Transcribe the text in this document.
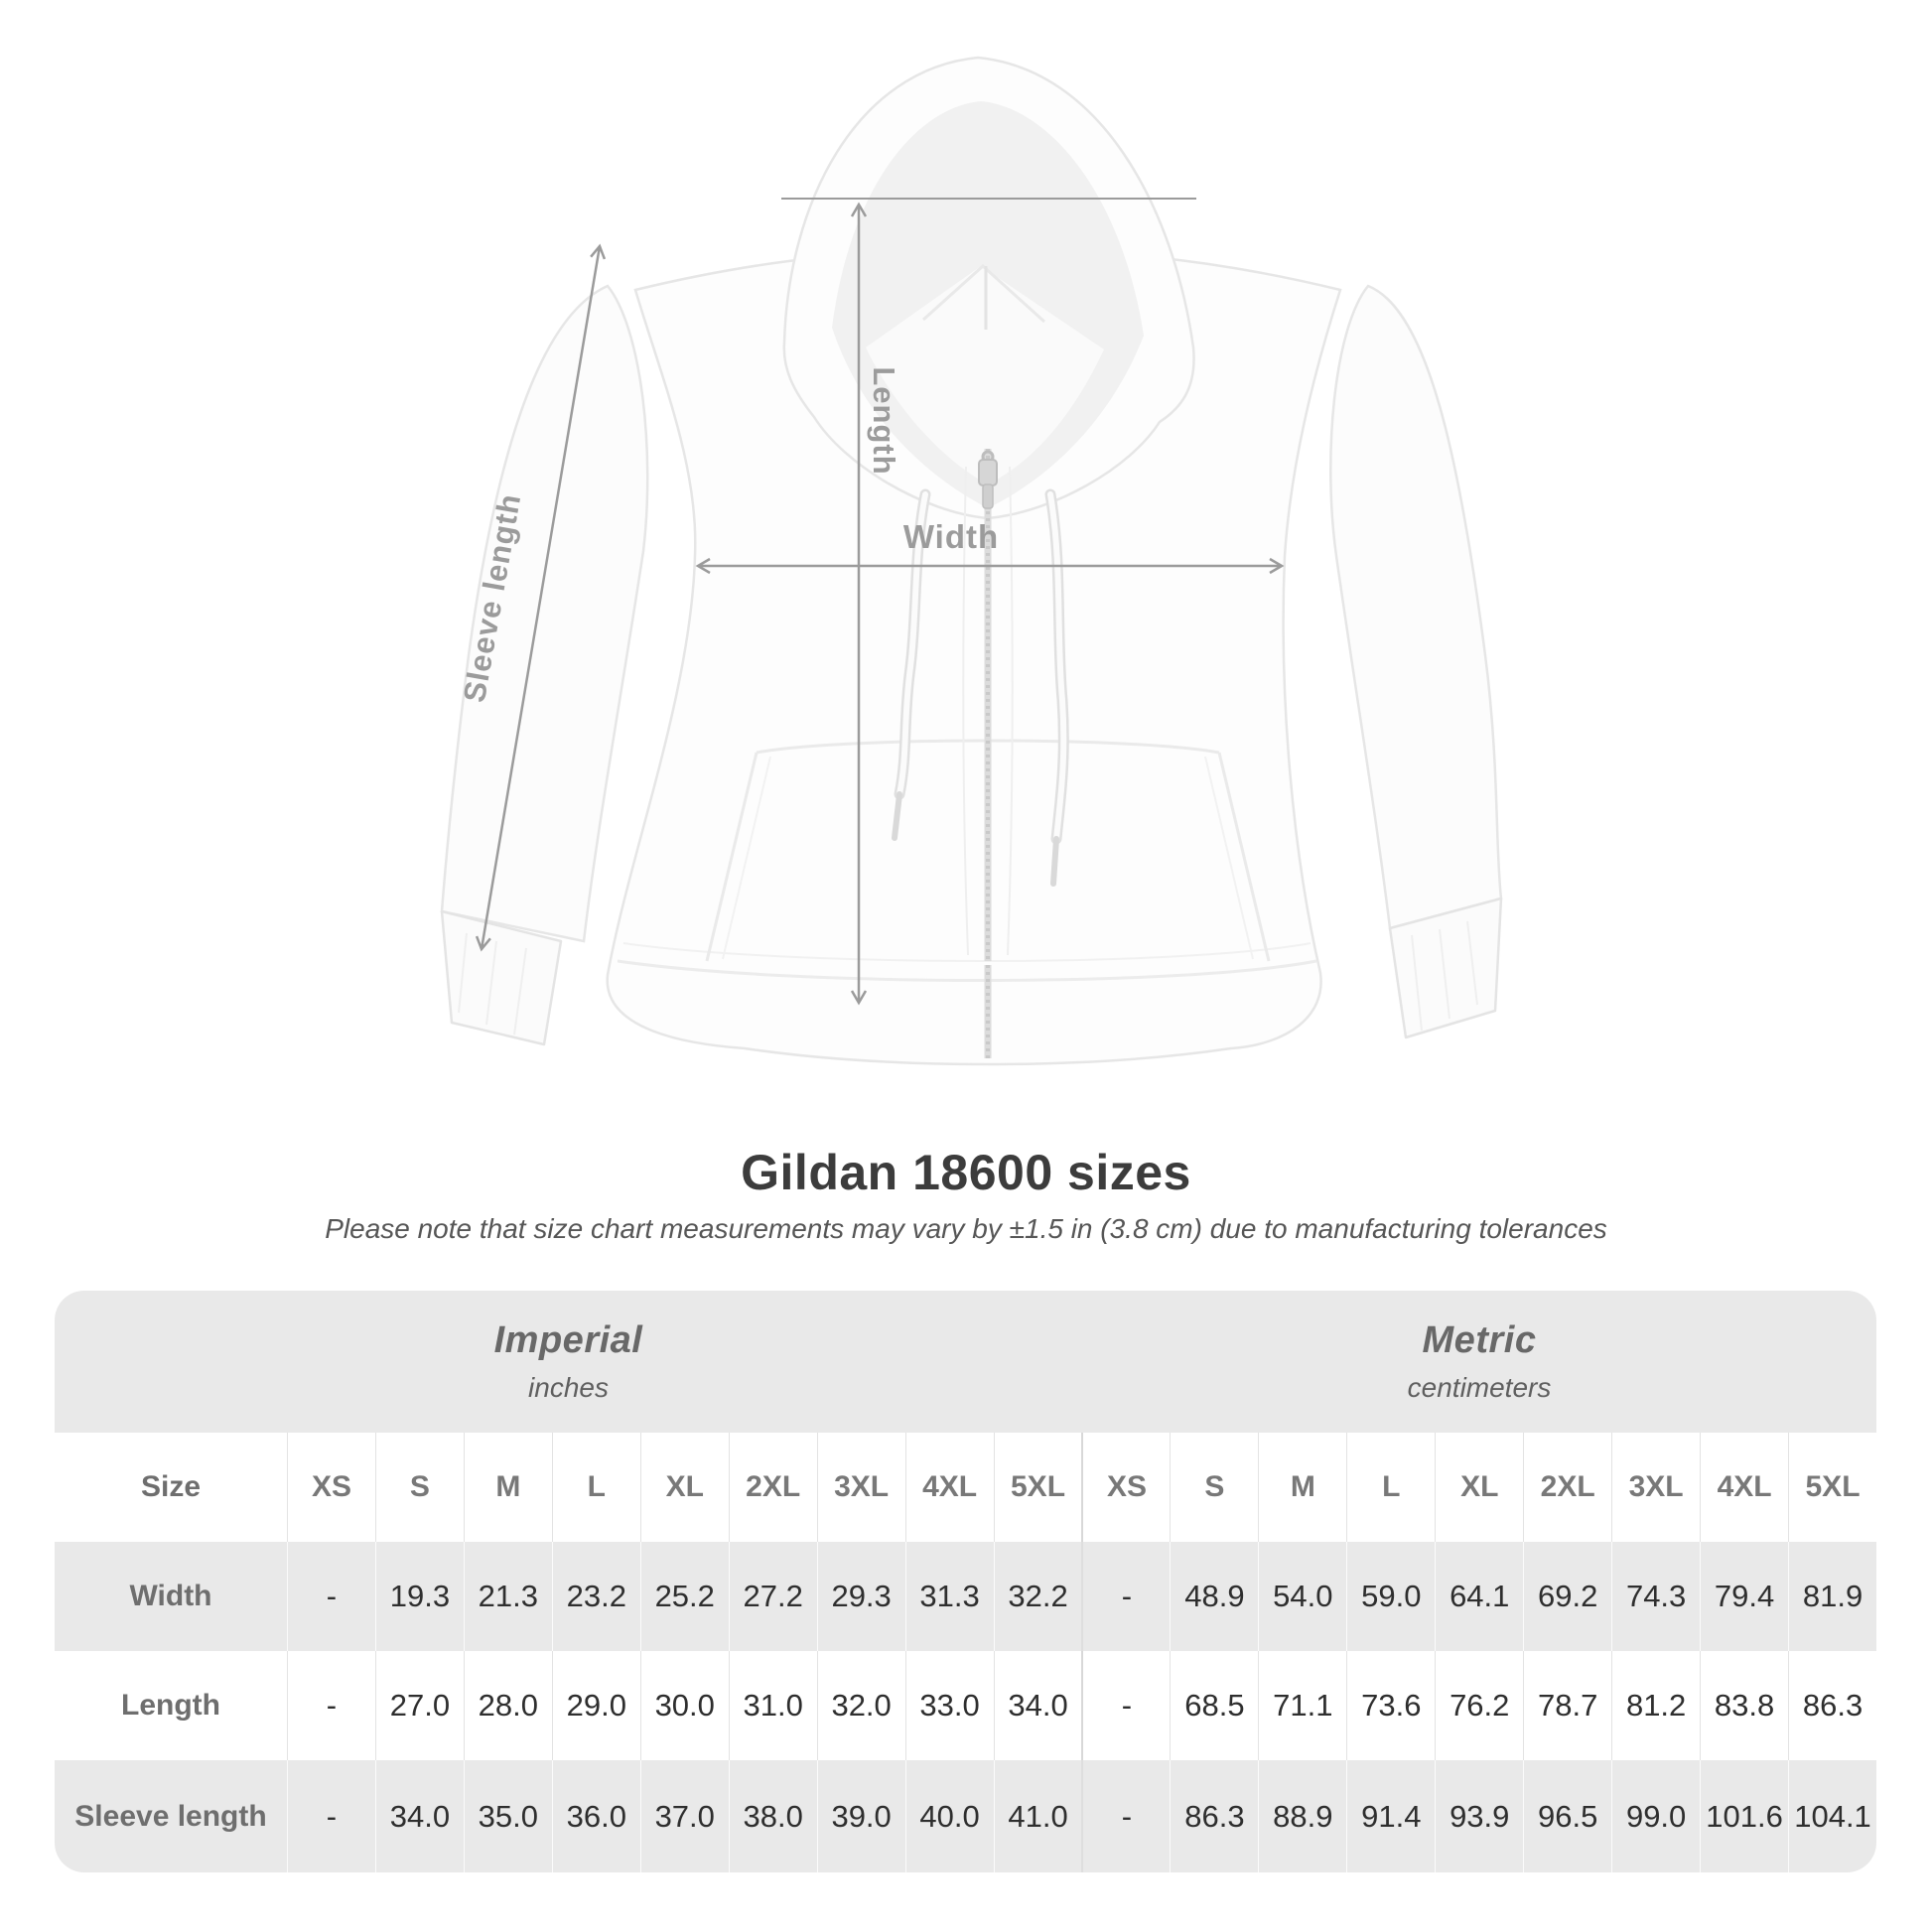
Length
Width
Sleeve length
Gildan 18600 sizes
Please note that size chart measurements may vary by ±1.5 in (3.8 cm) due to manufacturing tolerances
Imperial
inches
Metric
centimeters
Size	XS	S	M	L	XL	2XL	3XL	4XL	5XL	XS	S	M	L	XL	2XL	3XL	4XL	5XL
Width	-	19.3 21.3 23.2 25.2 27.2 29.3 31.3 32.2	-	48.9 54.0 59.0 64.1 69.2 74.3 79.4 81.9
Length	-	27.0 28.0 29.0 30.0 31.0 32.0 33.0 34.0	-	68.5 71.1 73.6 76.2 78.7 81.2 83.8 86.3
Sleeve length	-	34.0 35.0 36.0 37.0 38.0 39.0 40.0 41.0	-	86.3 88.9 91.4 93.9 96.5 99.0 101.6 104.1
